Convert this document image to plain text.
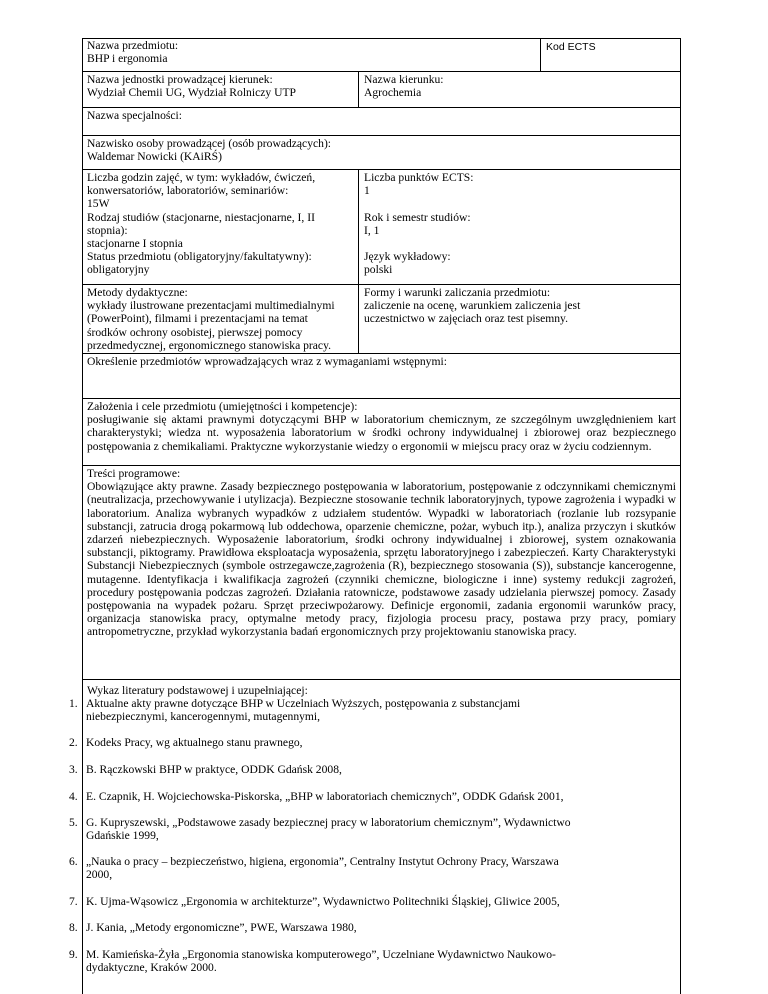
Nazwa przedmiotu:

BHP i ergonomia

Kod ECTS

Nazwa jednostki prowadzącej kierunek:

Wydział Chemii UG, Wydział Rolniczy UTP

Nazwa kierunku:

Agrochemia

Nazwa specjalności:

Nazwisko osoby prowadzącej (osób prowadzących):

Waldemar Nowicki (KAiRŚ)

Liczba godzin zajęć, w tym: wykładów, ćwiczeń,

konwersatoriów, laboratoriów, seminariów:

15W

Liczba punktów ECTS:

1

Rodzaj studiów (stacjonarne, niestacjonarne, I, II

stopnia):

stacjonarne I stopnia

Rok i semestr studiów:

I, 1

Status przedmiotu (obligatoryjny/fakultatywny):

obligatoryjny

Język wykładowy:

polski

Metody dydaktyczne:

wykłady ilustrowane prezentacjami multimedialnymi

(PowerPoint), filmami i prezentacjami na temat

środków ochrony osobistej, pierwszej pomocy

przedmedycznej, ergonomicznego stanowiska pracy.

Formy i warunki zaliczania przedmiotu:

zaliczenie na ocenę, warunkiem zaliczenia jest

uczestnictwo w zajęciach oraz test pisemny.

Określenie przedmiotów wprowadzających wraz z wymaganiami wstępnymi:

Założenia i cele przedmiotu (umiejętności i kompetencje):

posługiwanie się aktami prawnymi dotyczącymi BHP w laboratorium chemicznym, ze szczególnym uwzględnieniem kart charakterystyki; wiedza nt. wyposażenia laboratorium w środki ochrony indywidualnej i zbiorowej oraz bezpiecznego postępowania z chemikaliami. Praktyczne wykorzystanie wiedzy o ergonomii w miejscu pracy oraz w życiu codziennym.

Treści programowe:

Obowiązujące akty prawne. Zasady bezpiecznego postępowania w laboratorium, postępowanie z odczynnikami chemicznymi (neutralizacja, przechowywanie i utylizacja). Bezpieczne stosowanie technik laboratoryjnych, typowe zagrożenia i wypadki w laboratorium. Analiza wybranych wypadków z udziałem studentów. Wypadki w laboratoriach (rozlanie lub rozsypanie substancji, zatrucia drogą pokarmową lub oddechowa, oparzenie chemiczne, pożar, wybuch itp.), analiza przyczyn i skutków zdarzeń niebezpiecznych. Wyposażenie laboratorium, środki ochrony indywidualnej i zbiorowej, system oznakowania substancji, piktogramy. Prawidłowa eksploatacja wyposażenia, sprzętu laboratoryjnego i zabezpieczeń. Karty Charakterystyki Substancji Niebezpiecznych (symbole ostrzegawcze,zagrożenia (R), bezpiecznego stosowania (S)), substancje kancerogenne, mutagenne. Identyfikacja i kwalifikacja zagrożeń (czynniki chemiczne, biologiczne i inne) systemy redukcji zagrożeń, procedury postępowania podczas zagrożeń. Działania ratownicze, podstawowe zasady udzielania pierwszej pomocy. Zasady postępowania na wypadek pożaru. Sprzęt przeciwpożarowy. Definicje ergonomii, zadania ergonomii warunków pracy, organizacja stanowiska pracy, optymalne metody pracy, fizjologia procesu pracy, postawa przy pracy, pomiary antropometryczne, przykład wykorzystania badań ergonomicznych przy projektowaniu stanowiska pracy.

Wykaz literatury podstawowej i uzupełniającej:

1. Aktualne akty prawne dotyczące BHP w Uczelniach Wyższych, postępowania z substancjami

niebezpiecznymi, kancerogennymi, mutagennymi,

2. Kodeks Pracy, wg aktualnego stanu prawnego,

3. B. Rączkowski BHP w praktyce, ODDK Gdańsk 2008,

4. E. Czapnik, H. Wojciechowska-Piskorska, „BHP w laboratoriach chemicznych”, ODDK Gdańsk 2001,

5. G. Kupryszewski, „Podstawowe zasady bezpiecznej pracy w laboratorium chemicznym”, Wydawnictwo

Gdańskie 1999,

6. „Nauka o pracy – bezpieczeństwo, higiena, ergonomia”, Centralny Instytut Ochrony Pracy, Warszawa

2000,

7. K. Ujma-Wąsowicz „Ergonomia w architekturze”, Wydawnictwo Politechniki Śląskiej, Gliwice 2005,

8. J. Kania, „Metody ergonomiczne”, PWE, Warszawa 1980,

9. M. Kamieńska-Żyła „Ergonomia stanowiska komputerowego”, Uczelniane Wydawnictwo Naukowo-

dydaktyczne, Kraków 2000.
